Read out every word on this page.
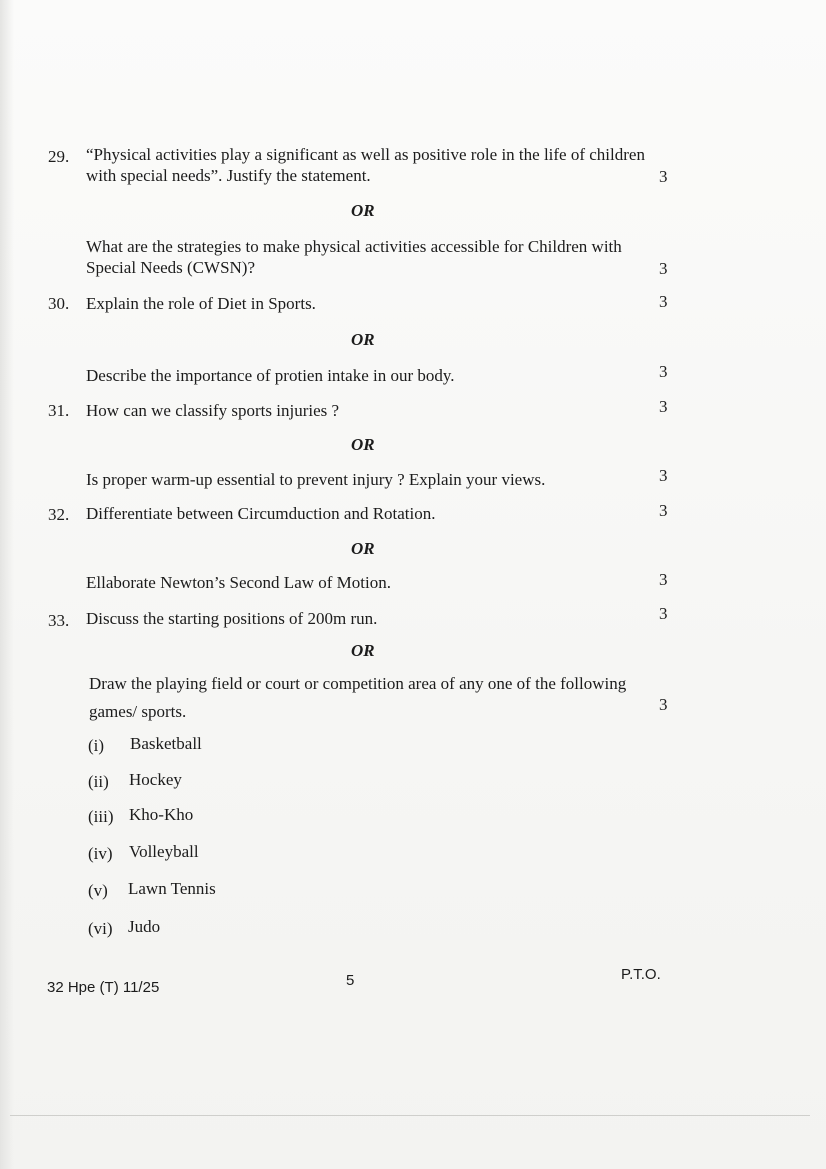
29. “Physical activities play a significant as well as positive role in the life of children
with special needs”. Justify the statement.	3
OR
What are the strategies to make physical activities accessible for Children with
Special Needs (CWSN)?	3
30. Explain the role of Diet in Sports.	3
OR
Describe the importance of protien intake in our body.	3
31. How can we classify sports injuries ?	3
OR
Is proper warm-up essential to prevent injury ? Explain your views.	3
32. Differentiate between Circumduction and Rotation.	3
OR
Ellaborate Newton’s Second Law of Motion.	3
33. Discuss the starting positions of 200m run.	3
OR
Draw the playing field or court or competition area of any one of the following
games/ sports.	3
(i) Basketball
(ii) Hockey
(iii) Kho-Kho
(iv) Volleyball
(v) Lawn Tennis
(vi) Judo
32 Hpe (T) 11/25	5	P.T.O.
